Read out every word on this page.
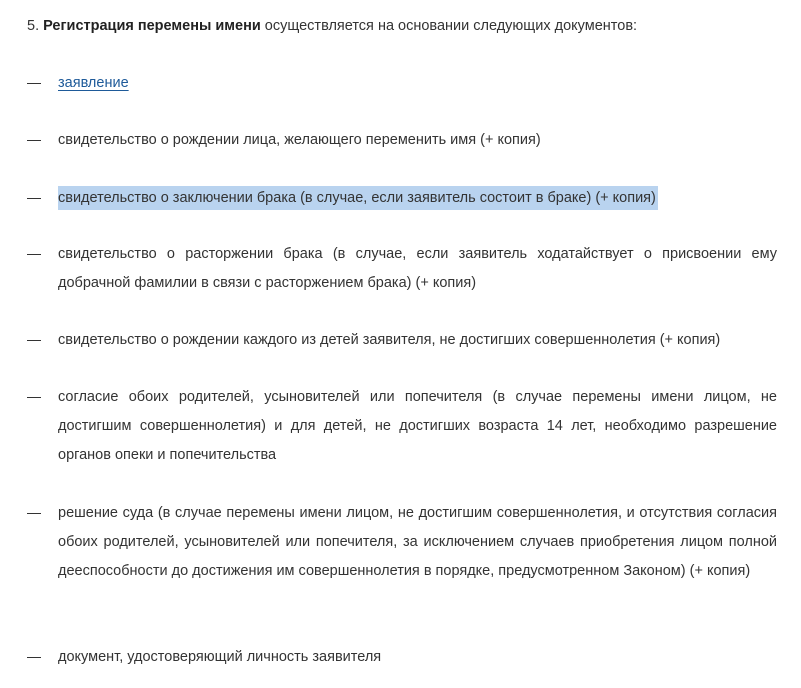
5. Регистрация перемены имени осуществляется на основании следующих документов:
заявление
свидетельство о рождении лица, желающего переменить имя (+ копия)
свидетельство о заключении брака (в случае, если заявитель состоит в браке) (+ копия)
свидетельство о расторжении брака (в случае, если заявитель ходатайствует о присвоении ему добрачной фамилии в связи с расторжением брака) (+ копия)
свидетельство о рождении каждого из детей заявителя, не достигших совершеннолетия (+ копия)
согласие обоих родителей, усыновителей или попечителя (в случае перемены имени лицом, не достигшим совершеннолетия) и для детей, не достигших возраста 14 лет, необходимо разрешение органов опеки и попечительства
решение суда (в случае перемены имени лицом, не достигшим совершеннолетия, и отсутствия согласия обоих родителей, усыновителей или попечителя, за исключением случаев приобретения лицом полной дееспособности до достижения им совершеннолетия в порядке, предусмотренном Законом) (+ копия)
документ, удостоверяющий личность заявителя
